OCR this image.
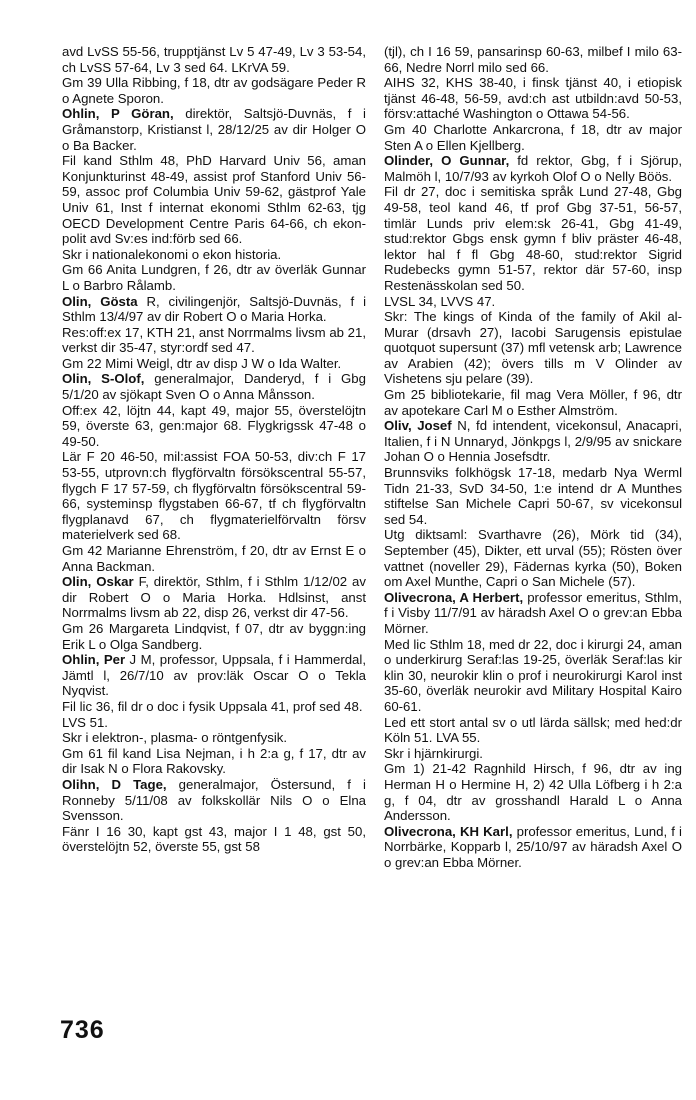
avd LvSS 55-56, trupptjänst Lv 5 47-49, Lv 3 53-54, ch LvSS 57-64, Lv 3 sed 64. LKrVA 59.

Gm 39 Ulla Ribbing, f 18, dtr av godsägare Peder R o Agnete Sporon.

Ohlin, P Göran, direktör, Saltsjö-Duvnäs, f i Gråmanstorp, Kristianst l, 28/12/25 av dir Holger O o Ba Backer.

Fil kand Sthlm 48, PhD Harvard Univ 56, aman Konjunkturinst 48-49, assist prof Stanford Univ 56-59, assoc prof Columbia Univ 59-62, gästprof Yale Univ 61, Inst f internat ekonomi Sthlm 62-63, tjg OECD Development Centre Paris 64-66, ch ekon-polit avd Sv:es ind:förb sed 66.

Skr i nationalekonomi o ekon historia.

Gm 66 Anita Lundgren, f 26, dtr av överläk Gunnar L o Barbro Rålamb.

Olin, Gösta R, civilingenjör, Saltsjö-Duvnäs, f i Sthlm 13/4/97 av dir Robert O o Maria Horka.

Res:off:ex 17, KTH 21, anst Norrmalms livsm ab 21, verkst dir 35-47, styr:ordf sed 47.

Gm 22 Mimi Weigl, dtr av disp J W o Ida Walter.

Olin, S-Olof, generalmajor, Danderyd, f i Gbg 5/1/20 av sjökapt Sven O o Anna Månsson.

Off:ex 42, löjtn 44, kapt 49, major 55, överstelöjtn 59, överste 63, gen:major 68. Flygkrigssk 47-48 o 49-50.

Lär F 20 46-50, mil:assist FOA 50-53, div:ch F 17 53-55, utprovn:ch flygförvaltn försökscentral 55-57, flygch F 17 57-59, ch flygförvaltn försökscentral 59-66, systeminsp flygstaben 66-67, tf ch flygförvaltn flygplanavd 67, ch flygmaterielförvaltn försv materielverk sed 68.

Gm 42 Marianne Ehrenström, f 20, dtr av Ernst E o Anna Backman.

Olin, Oskar F, direktör, Sthlm, f i Sthlm 1/12/02 av dir Robert O o Maria Horka. Hdlsinst, anst Norrmalms livsm ab 22, disp 26, verkst dir 47-56.

Gm 26 Margareta Lindqvist, f 07, dtr av byggn:ing Erik L o Olga Sandberg.

Ohlin, Per J M, professor, Uppsala, f i Hammerdal, Jämtl l, 26/7/10 av prov:läk Oscar O o Tekla Nyqvist.

Fil lic 36, fil dr o doc i fysik Uppsala 41, prof sed 48.

LVS 51.

Skr i elektron-, plasma- o röntgenfysik.

Gm 61 fil kand Lisa Nejman, i h 2:a g, f 17, dtr av dir Isak N o Flora Rakovsky.

Olihn, D Tage, generalmajor, Östersund, f i Ronneby 5/11/08 av folkskollär Nils O o Elna Svensson.

Fänr I 16 30, kapt gst 43, major I 1 48, gst 50, överstelöjtn 52, överste 55, gst 58

(tjl), ch I 16 59, pansarinsp 60-63, milbef I milo 63-66, Nedre Norrl milo sed 66.

AIHS 32, KHS 38-40, i finsk tjänst 40, i etiopisk tjänst 46-48, 56-59, avd:ch ast utbildn:avd 50-53, försv:attaché Washington o Ottawa 54-56.

Gm 40 Charlotte Ankarcrona, f 18, dtr av major Sten A o Ellen Kjellberg.

Olinder, O Gunnar, fd rektor, Gbg, f i Sjörup, Malmöh l, 10/7/93 av kyrkoh Olof O o Nelly Böös.

Fil dr 27, doc i semitiska språk Lund 27-48, Gbg 49-58, teol kand 46, tf prof Gbg 37-51, 56-57, timlär Lunds priv elem:sk 26-41, Gbg 41-49, stud:rektor Gbgs ensk gymn f bliv präster 46-48, lektor hal f fl Gbg 48-60, stud:rektor Sigrid Rudebecks gymn 51-57, rektor där 57-60, insp Restenässkolan sed 50.

LVSL 34, LVVS 47.

Skr: The kings of Kinda of the family of Akil al-Murar (drsavh 27), Iacobi Sarugensis epistulae quotquot supersunt (37) mfl vetensk arb; Lawrence av Arabien (42); övers tills m V Olinder av Vishetens sju pelare (39).

Gm 25 bibliotekarie, fil mag Vera Möller, f 96, dtr av apotekare Carl M o Esther Almström.

Oliv, Josef N, fd intendent, vicekonsul, Anacapri, Italien, f i N Unnaryd, Jönkpgs l, 2/9/95 av snickare Johan O o Hennia Josefsdtr.

Brunnsviks folkhögsk 17-18, medarb Nya Werml Tidn 21-33, SvD 34-50, 1:e intend dr A Munthes stiftelse San Michele Capri 50-67, sv vicekonsul sed 54.

Utg diktsaml: Svarthavre (26), Mörk tid (34), September (45), Dikter, ett urval (55); Rösten över vattnet (noveller 29), Fädernas kyrka (50), Boken om Axel Munthe, Capri o San Michele (57).

Olivecrona, A Herbert, professor emeritus, Sthlm, f i Visby 11/7/91 av häradsh Axel O o grev:an Ebba Mörner.

Med lic Sthlm 18, med dr 22, doc i kirurgi 24, aman o underkirurg Seraf:las 19-25, överläk Seraf:las kir klin 30, neurokir klin o prof i neurokirurgi Karol inst 35-60, överläk neurokir avd Military Hospital Kairo 60-61.

Led ett stort antal sv o utl lärda sällsk; med hed:dr Köln 51. LVA 55.

Skr i hjärnkirurgi.

Gm 1) 21-42 Ragnhild Hirsch, f 96, dtr av ing Herman H o Hermine H, 2) 42 Ulla Löfberg i h 2:a g, f 04, dtr av grosshandl Harald L o Anna Andersson.

Olivecrona, KH Karl, professor emeritus, Lund, f i Norrbärke, Kopparb l, 25/10/97 av häradsh Axel O o grev:an Ebba Mörner.

736
